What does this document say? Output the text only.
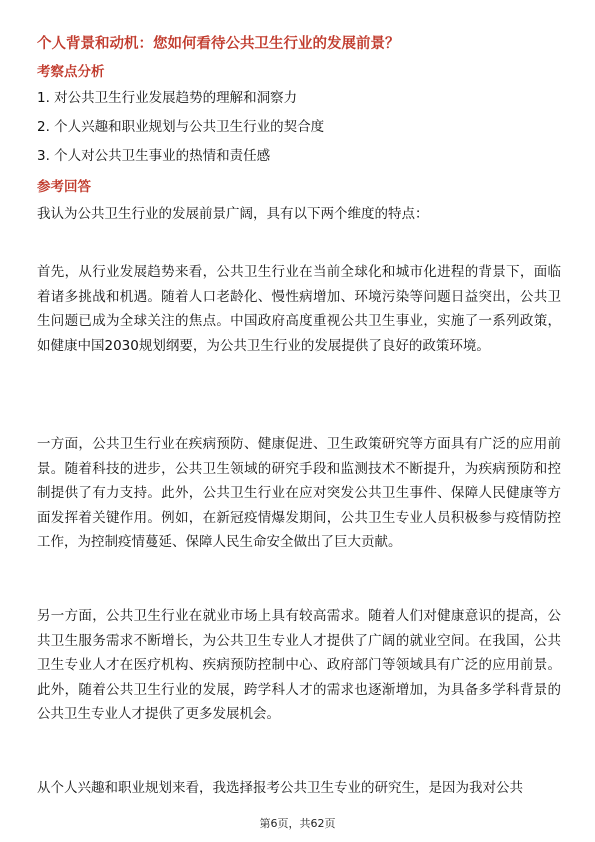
个人背景和动机：您如何看待公共卫生行业的发展前景？
考察点分析
1. 对公共卫生行业发展趋势的理解和洞察力
2. 个人兴趣和职业规划与公共卫生行业的契合度
3. 个人对公共卫生事业的热情和责任感
参考回答
我认为公共卫生行业的发展前景广阔，具有以下两个维度的特点：
首先，从行业发展趋势来看，公共卫生行业在当前全球化和城市化进程的背景下，面临着诸多挑战和机遇。随着人口老龄化、慢性病增加、环境污染等问题日益突出，公共卫生问题已成为全球关注的焦点。中国政府高度重视公共卫生事业，实施了一系列政策，如健康中国2030规划纲要，为公共卫生行业的发展提供了良好的政策环境。
一方面，公共卫生行业在疾病预防、健康促进、卫生政策研究等方面具有广泛的应用前景。随着科技的进步，公共卫生领域的研究手段和监测技术不断提升，为疾病预防和控制提供了有力支持。此外，公共卫生行业在应对突发公共卫生事件、保障人民健康等方面发挥着关键作用。例如，在新冠疫情爆发期间，公共卫生专业人员积极参与疫情防控工作，为控制疫情蔓延、保障人民生命安全做出了巨大贡献。
另一方面，公共卫生行业在就业市场上具有较高需求。随着人们对健康意识的提高，公共卫生服务需求不断增长，为公共卫生专业人才提供了广阔的就业空间。在我国，公共卫生专业人才在医疗机构、疾病预防控制中心、政府部门等领域具有广泛的应用前景。此外，随着公共卫生行业的发展，跨学科人才的需求也逐渐增加，为具备多学科背景的公共卫生专业人才提供了更多发展机会。
从个人兴趣和职业规划来看，我选择报考公共卫生专业的研究生，是因为我对公共
第6页，共62页
